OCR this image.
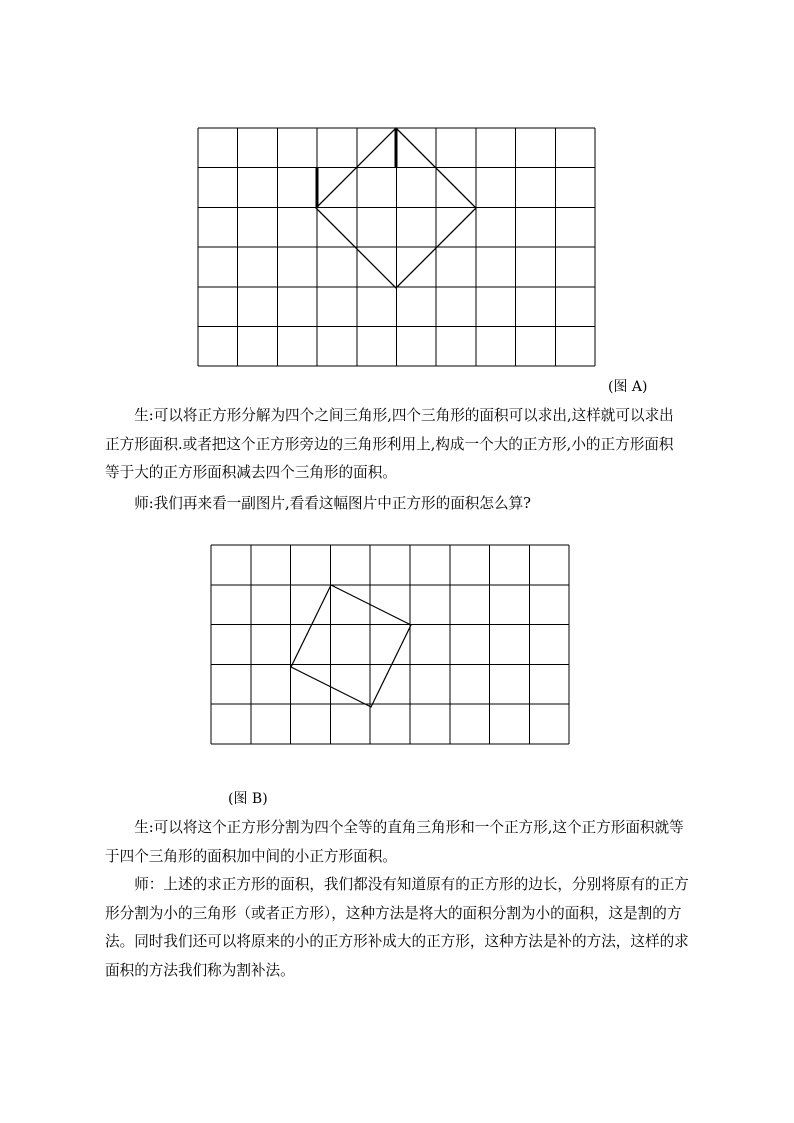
(图 A)
　　生:可以将正方形分解为四个之间三角形,四个三角形的面积可以求出,这样就可以求出
正方形面积.或者把这个正方形旁边的三角形利用上,构成一个大的正方形,小的正方形面积
等于大的正方形面积减去四个三角形的面积。
　　师:我们再来看一副图片,看看这幅图片中正方形的面积怎么算?
(图 B)
　　生:可以将这个正方形分割为四个全等的直角三角形和一个正方形,这个正方形面积就等
于四个三角形的面积加中间的小正方形面积。
　　师：上述的求正方形的面积，我们都没有知道原有的正方形的边长，分别将原有的正方
形分割为小的三角形（或者正方形），这种方法是将大的面积分割为小的面积，这是割的方
法。同时我们还可以将原来的小的正方形补成大的正方形，这种方法是补的方法，这样的求
面积的方法我们称为割补法。
